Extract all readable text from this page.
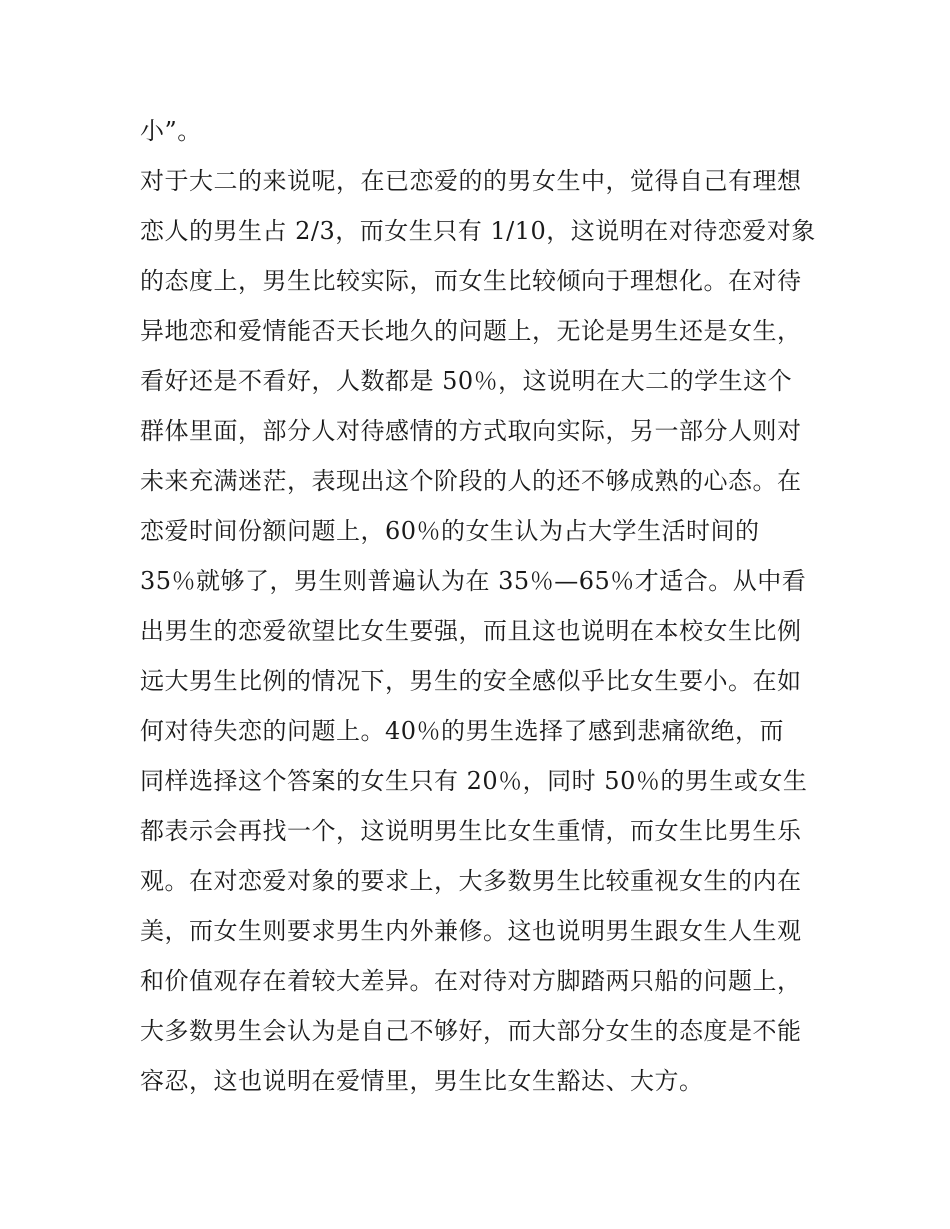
小”。
对于大二的来说呢，在已恋爱的的男女生中，觉得自己有理想
恋人的男生占 2/3，而女生只有 1/10，这说明在对待恋爱对象
的态度上，男生比较实际，而女生比较倾向于理想化。在对待
异地恋和爱情能否天长地久的问题上，无论是男生还是女生，
看好还是不看好，人数都是 50％，这说明在大二的学生这个
群体里面，部分人对待感情的方式取向实际，另一部分人则对
未来充满迷茫，表现出这个阶段的人的还不够成熟的心态。在
恋爱时间份额问题上，60％的女生认为占大学生活时间的
35％就够了，男生则普遍认为在 35％—65％才适合。从中看
出男生的恋爱欲望比女生要强，而且这也说明在本校女生比例
远大男生比例的情况下，男生的安全感似乎比女生要小。在如
何对待失恋的问题上。40％的男生选择了感到悲痛欲绝，而
同样选择这个答案的女生只有 20％，同时 50％的男生或女生
都表示会再找一个，这说明男生比女生重情，而女生比男生乐
观。在对恋爱对象的要求上，大多数男生比较重视女生的内在
美，而女生则要求男生内外兼修。这也说明男生跟女生人生观
和价值观存在着较大差异。在对待对方脚踏两只船的问题上，
大多数男生会认为是自己不够好，而大部分女生的态度是不能
容忍，这也说明在爱情里，男生比女生豁达、大方。
